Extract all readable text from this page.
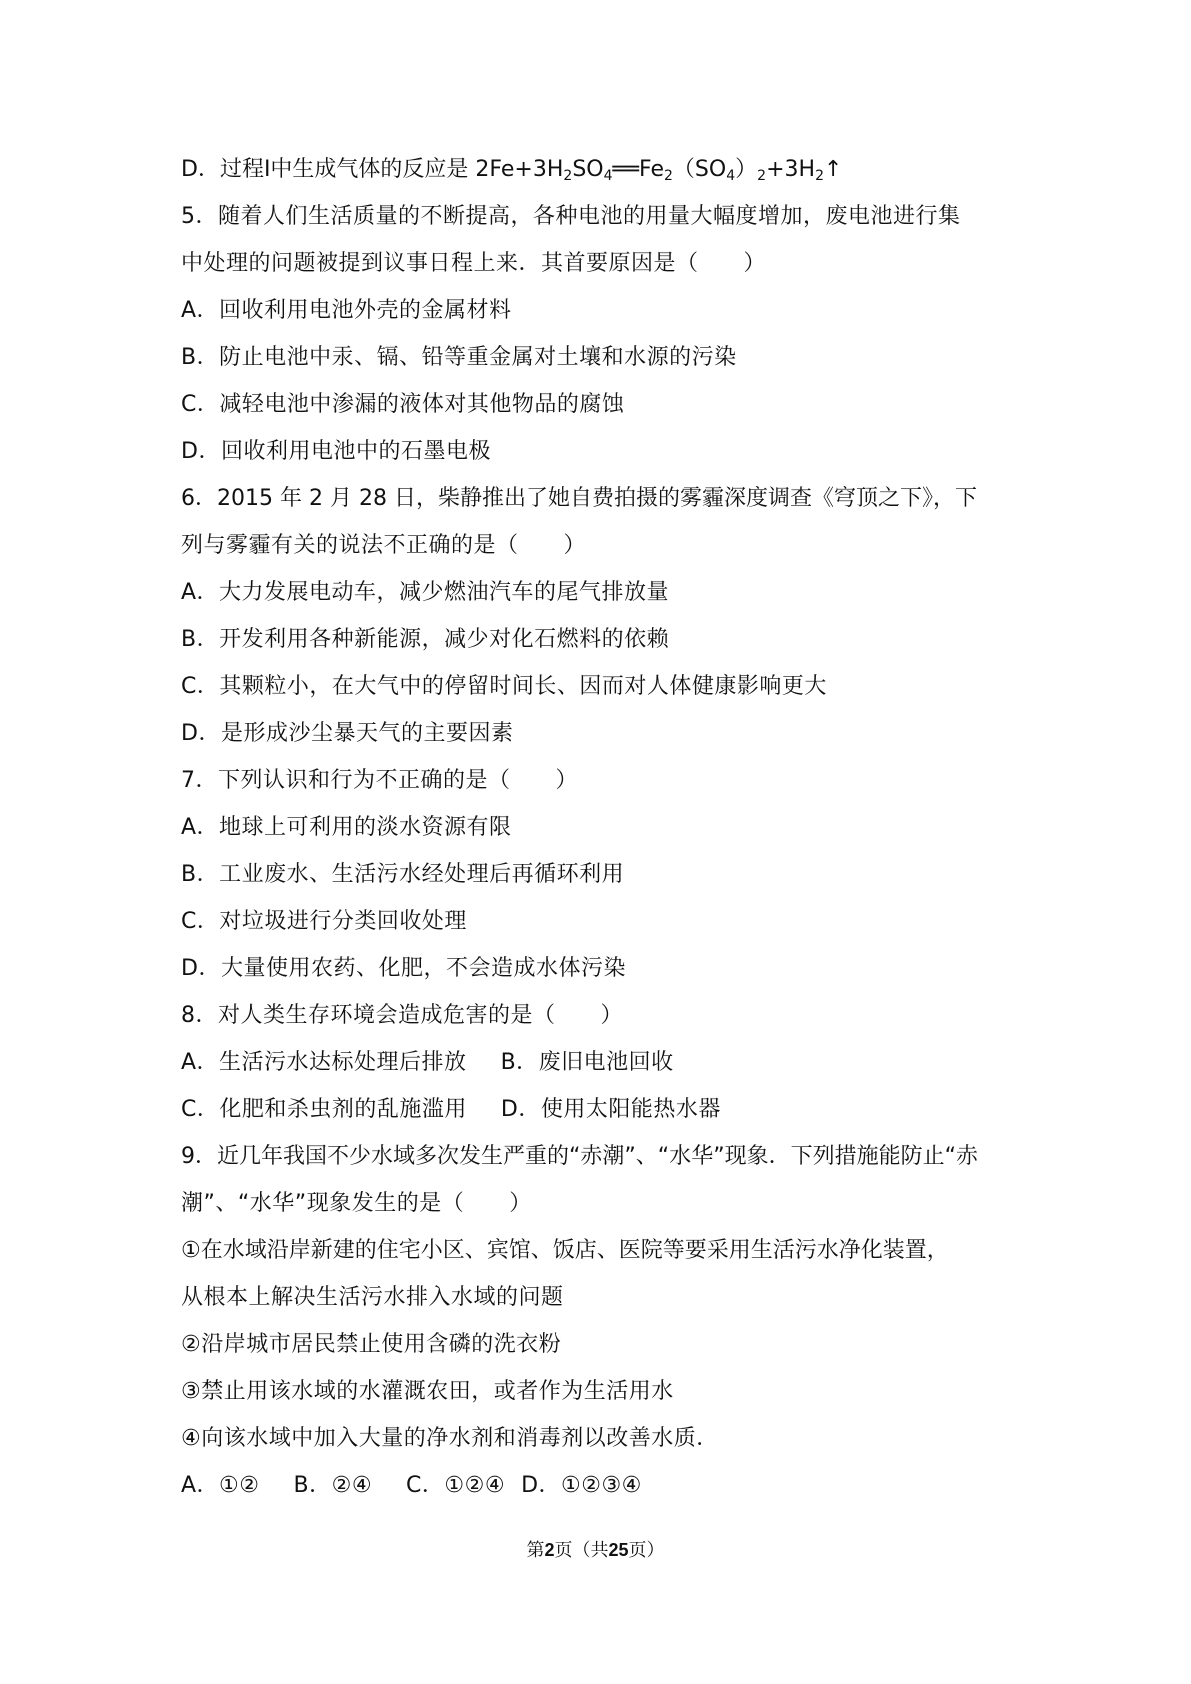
D．过程Ⅰ中生成气体的反应是 $2Fe+3H_2SO_4══Fe_2(SO_4)_2+3H_2↑$
5．随着人们生活质量的不断提高，各种电池的用量大幅度增加，废电池进行集
中处理的问题被提到议事日程上来．其首要原因是（　　）
A．回收利用电池外壳的金属材料
B．防止电池中汞、镉、铅等重金属对土壤和水源的污染
C．减轻电池中渗漏的液体对其他物品的腐蚀
D．回收利用电池中的石墨电极
6．2015 年 2 月 28 日，柴静推出了她自费拍摄的雾霾深度调查《穹顶之下》，下
列与雾霾有关的说法不正确的是（　　）
A．大力发展电动车，减少燃油汽车的尾气排放量
B．开发利用各种新能源，减少对化石燃料的依赖
C．其颗粒小，在大气中的停留时间长、因而对人体健康影响更大
D．是形成沙尘暴天气的主要因素
7．下列认识和行为不正确的是（　　）
A．地球上可利用的淡水资源有限
B．工业废水、生活污水经处理后再循环利用
C．对垃圾进行分类回收处理
D．大量使用农药、化肥，不会造成水体污染
8．对人类生存环境会造成危害的是（　　）
A．生活污水达标处理后排放 B．废旧电池回收
C．化肥和杀虫剂的乱施滥用 D．使用太阳能热水器
9．近几年我国不少水域多次发生严重的“赤潮”、“水华”现象．下列措施能防止“赤
潮”、“水华”现象发生的是（　　）
①在水域沿岸新建的住宅小区、宾馆、饭店、医院等要采用生活污水净化装置，
从根本上解决生活污水排入水域的问题
②沿岸城市居民禁止使用含磷的洗衣粉
③禁止用该水域的水灌溉农田，或者作为生活用水
④向该水域中加入大量的净水剂和消毒剂以改善水质．
A．①② B．②④ C．①②④ D．①②③④
第2页（共25页）
